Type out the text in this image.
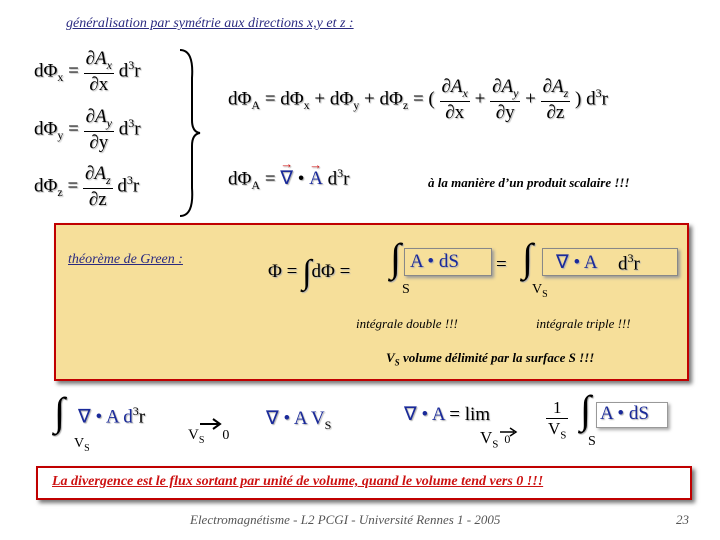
généralisation par symétrie aux directions x,y et z :
$d\Phi_x = \frac{\partial A_x}{\partial x} d^3r$
$d\Phi_y = \frac{\partial A_y}{\partial y} d^3r$
$d\Phi_z = \frac{\partial A_z}{\partial z} d^3r$
$d\Phi_A = d\Phi_x + d\Phi_y + d\Phi_z$ = ( $\frac{\partial A_x}{\partial x} + \frac{\partial A_y}{\partial y} + \frac{\partial A_z}{\partial z}$ ) $d^3r$
$d\Phi_A$ = → ∇ • → A $d^3r$	à la manière d’un produit scalaire !!!
théorème de Green :
Φ = ∫dΦ = ∫ A • dS
S
= ∫ ∇ • A $d^3r$
$V_S$
intégrale double !!!	intégrale triple !!!
$V_S$ volume délimité par la surface S !!!
∫ ∇ • A $d^3r$
$V_S$
$V_S$ 0
∇ • A $V_S$	∇ • A = lim
$V_S$ $0 \frac{1}{V_S}$ ∫ A • dS
S
La divergence est le flux sortant par unité de volume, quand le volume tend vers 0 !!!
Electromagnétisme - L2 PCGI - Université Rennes 1 - 2005	23
